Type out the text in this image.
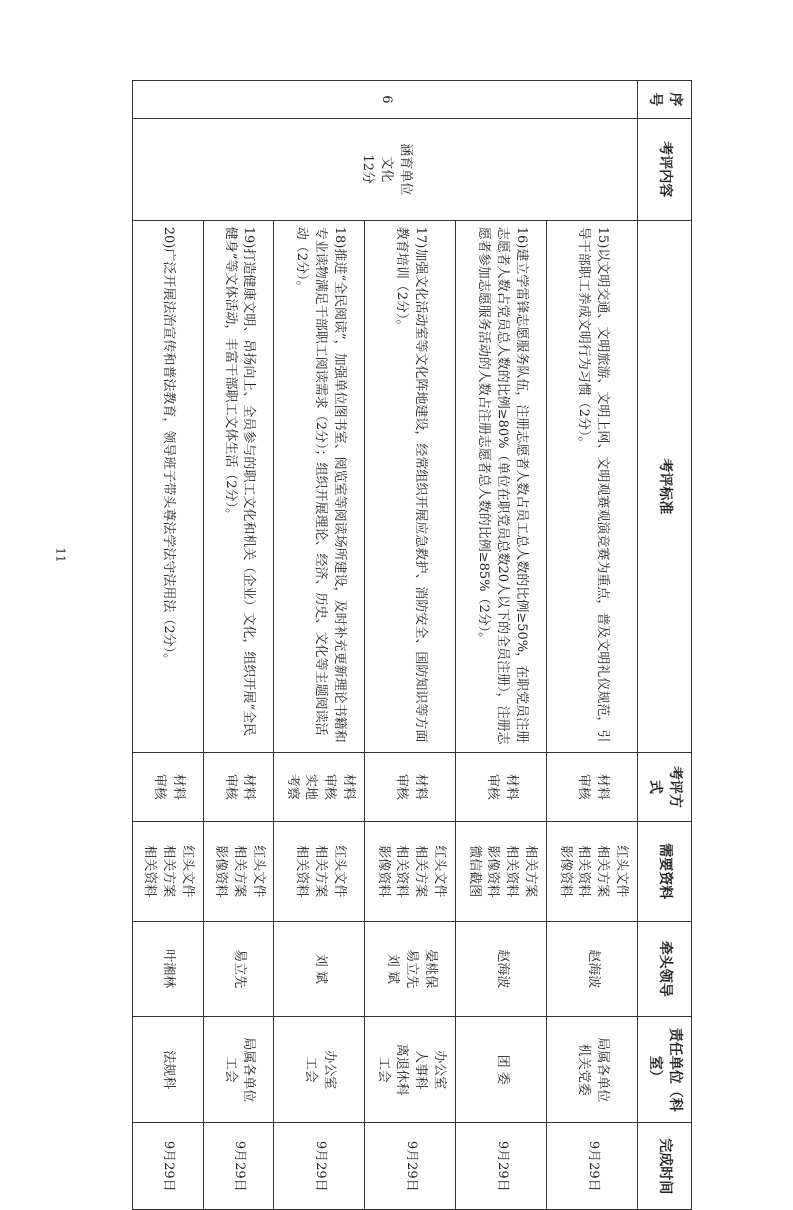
序号	考评内容	考评标准	考评方式	需要资料	牵头领导	责任单位（科室）	完成时间
6	涵育单位
文化
12分	15)以文明交通、文明旅游、文明上网、文明观赛观演竞赛为重点，普及文明礼仪规范，引导干部职工养成文明行为习惯（2分）。	材料
审核	红头文件
相关方案
相关资料
影像资料	赵海波	局属各单位
机关党委	9月29日
		16)建立学雷锋志愿服务队伍，注册志愿者人数占员工总人数的比例≥50%，在职党员注册志愿者人数占党员总人数的比例≥80%（单位在职党员总数20人以下的全员注册），注册志愿者参加志愿服务活动的人数占注册志愿者总人数的比例≥85%（2分）。	材料
审核	相关方案
相关资料
影像资料
微信截图	赵海波	团 委	9月29日
		17)加强文化活动室等文化阵地建设，经常组织开展应急救护、消防安全、国防知识等方面教育培训（2分）。	材料
审核	红头文件
相关方案
相关资料
影像资料	晏桃保
易立先
刘 斌	办公室
人事科
离退休科
工会	9月29日
		18)推进“全民阅读”，加强单位图书室、阅览室等阅读场所建设，及时补充更新理论书籍和专业读物满足干部职工阅读需求（2分）；组织开展理论、经济、历史、文化等主题阅读活动（2分）。	材料
审核
实地
考察	红头文件
相关方案
相关资料	刘 斌	办公室
工会	9月29日
		19)打造健康文明、昂扬向上、全员参与的职工文化和机关（企业）文化，组织开展“全民健身”等文体活动，丰富干部职工文体生活（2分）。	材料
审核	红头文件
相关方案
影像资料	易立先	局属各单位
工会	9月29日
		20)广泛开展法治宣传和普法教育，领导班子带头尊法学法守法用法（2分）。	材料
审核	红头文件
相关方案
相关资料	叶湘林	法规科	9月29日
11
